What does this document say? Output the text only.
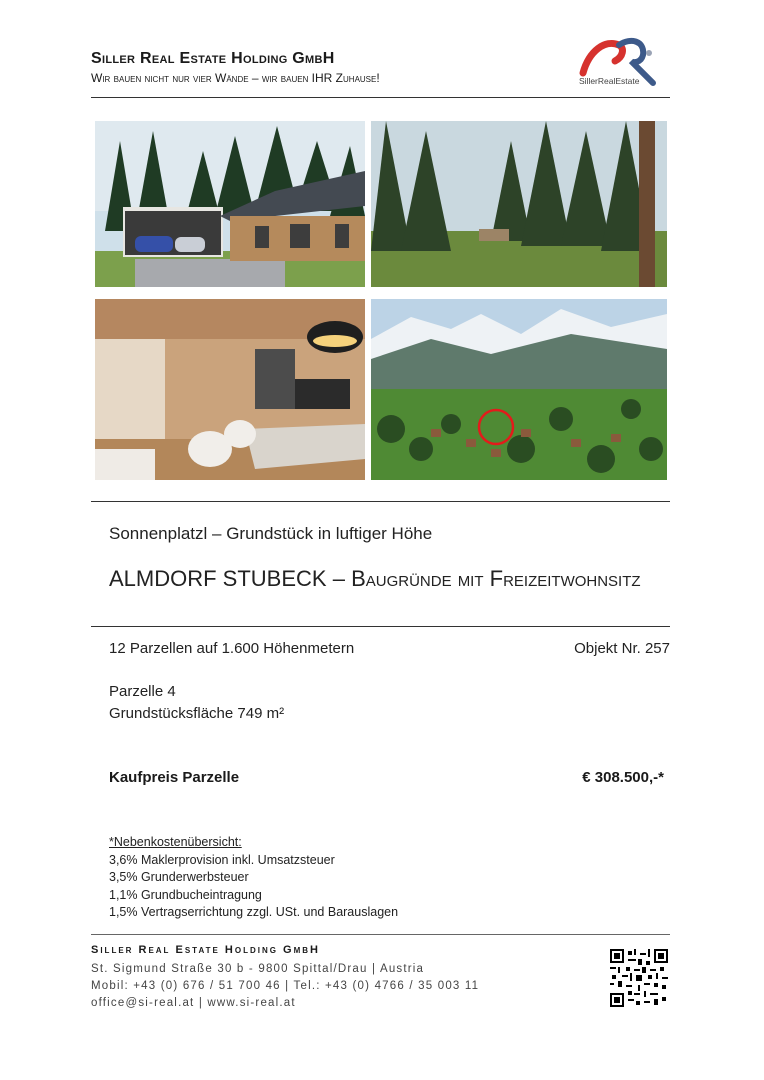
Siller Real Estate Holding GmbH
Wir bauen nicht nur vier Wände – wir bauen IHR Zuhause!	SillerRealEstate
Sonnenplatzl – Grundstück in luftiger Höhe
ALMDORF STUBECK – Baugründe mit Freizeitwohnsitz
12 Parzellen auf 1.600 Höhenmetern	Objekt Nr. 257
Parzelle 4
Grundstücksfläche 749 m²
Kaufpreis Parzelle	€ 308.500,-*
*Nebenkostenübersicht:
3,6% Maklerprovision inkl. Umsatzsteuer
3,5% Grunderwerbsteuer
1,1% Grundbucheintragung
1,5% Vertragserrichtung zzgl. USt. und Barauslagen
Siller Real Estate Holding GmbH
St. Sigmund Straße 30 b - 9800 Spittal/Drau | Austria
Mobil: +43 (0) 676 / 51 700 46 | Tel.: +43 (0) 4766 / 35 003 11
office@si-real.at | www.si-real.at
